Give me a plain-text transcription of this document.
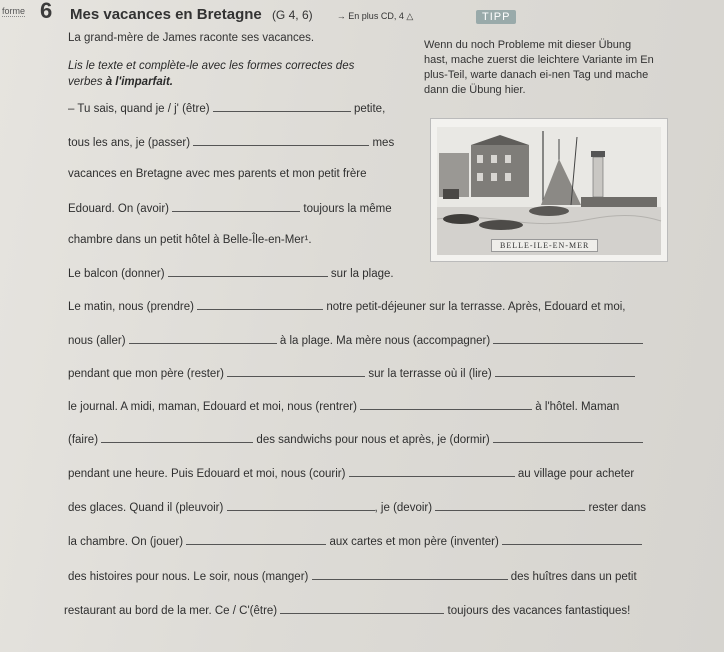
forme 6 Mes vacances en Bretagne (G 4, 6)	→ En plus CD, 4 △	TIPP
Wenn du noch Probleme mit dieser Übung hast, mache zuerst die leichtere Variante im En plus-Teil, warte danach ei-nen Tag und mache dann die Übung hier.
La grand-mère de James raconte ses vacances.
Lis le texte et complète-le avec les formes correctes des verbes à l'imparfait.
– Tu sais, quand je / j' (être)	petite,
tous les ans, je (passer)	mes
vacances en Bretagne avec mes parents et mon petit frère
Edouard. On (avoir)	toujours la même
chambre dans un petit hôtel à Belle-Île-en-Mer¹.
Le balcon (donner)	sur la plage.
Le matin, nous (prendre)	notre petit-déjeuner sur la terrasse. Après, Edouard et moi,
nous (aller)	à la plage. Ma mère nous (accompagner)
pendant que mon père (rester)	sur la terrasse où il (lire)
le journal. A midi, maman, Edouard et moi, nous (rentrer)	à l'hôtel. Maman
(faire)	des sandwichs pour nous et après, je (dormir)
pendant une heure. Puis Edouard et moi, nous (courir)	au village pour acheter
des glaces. Quand il (pleuvoir)	, je (devoir)	rester dans
la chambre. On (jouer)	aux cartes et mon père (inventer)
des histoires pour nous. Le soir, nous (manger)	des huîtres dans un petit
restaurant au bord de la mer. Ce / C'(être)	toujours des vacances fantastiques!
BELLE-ILE-EN-MER
